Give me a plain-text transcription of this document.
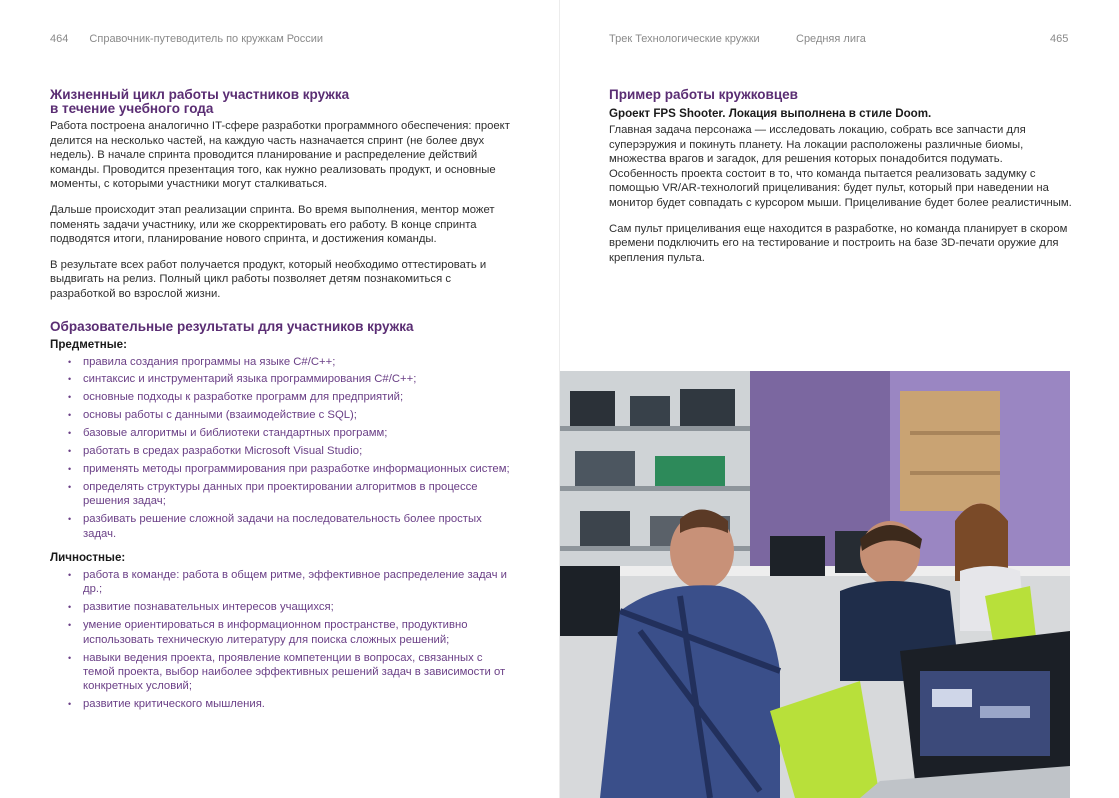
464 Справочник-путеводитель по кружкам России	Трек Технологические кружки	Средняя лига	465
Жизненный цикл работы участников кружка
в течение учебного года

Работа построена аналогично IT-сфере разработки программного обеспечения: проект делится на несколько частей, на каждую часть назначается спринт (не более двух недель). В начале спринта проводится планирование и распределение действий команды. Проводится презентация того, как нужно реализовать продукт, и основные моменты, с которыми участники могут сталкиваться.

Дальше происходит этап реализации спринта. Во время выполнения, ментор может поменять задачи участнику, или же скорректировать его работу. В конце спринта подводятся итоги, планирование нового спринта, и достижения команды.

В результате всех работ получается продукт, который необходимо оттестировать и выдвигать на релиз. Полный цикл работы позволяет детям познакомиться с разработкой во взрослой жизни.

Образовательные результаты для участников кружка
Предметные:
• правила создания программы на языке C#/C++;
• синтаксис и инструментарий языка программирования C#/C++;
• основные подходы к разработке программ для предприятий;
• основы работы с данными (взаимодействие с SQL);
• базовые алгоритмы и библиотеки стандартных программ;
• работать в средах разработки Microsoft Visual Studio;
• применять методы программирования при разработке информационных систем;
• определять структуры данных при проектировании алгоритмов в процессе решения задач;
• разбивать решение сложной задачи на последовательность более простых задач.
Личностные:
• работа в команде: работа в общем ритме, эффективное распределение задач и др.;
• развитие познавательных интересов учащихся;
• умение ориентироваться в информационном пространстве, продуктивно использовать техническую литературу для поиска сложных решений;
• навыки ведения проекта, проявление компетенции в вопросах, связанных с темой проекта, выбор наиболее эффективных решений задач в зависимости от конкретных условий;
• развитие критического мышления.
Пример работы кружковцев
Gроект FPS Shooter. Локация выполнена в стиле Doom.

Главная задача персонажа — исследовать локацию, собрать все запчасти для суперэружия и покинуть планету. На локации расположены различные биомы, множества врагов и загадок, для решения которых понадобится подумать. Особенность проекта состоит в то, что команда пытается реализовать задумку с помощью VR/AR-технологий прицеливания: будет пульт, который при наведении на монитор будет совпадать с курсором мыши. Прицеливание будет более реалистичным.

Сам пульт прицеливания еще находится в разработке, но команда планирует в скором времени подключить его на тестирование и построить на базе 3D-печати оружие для крепления пульта.
